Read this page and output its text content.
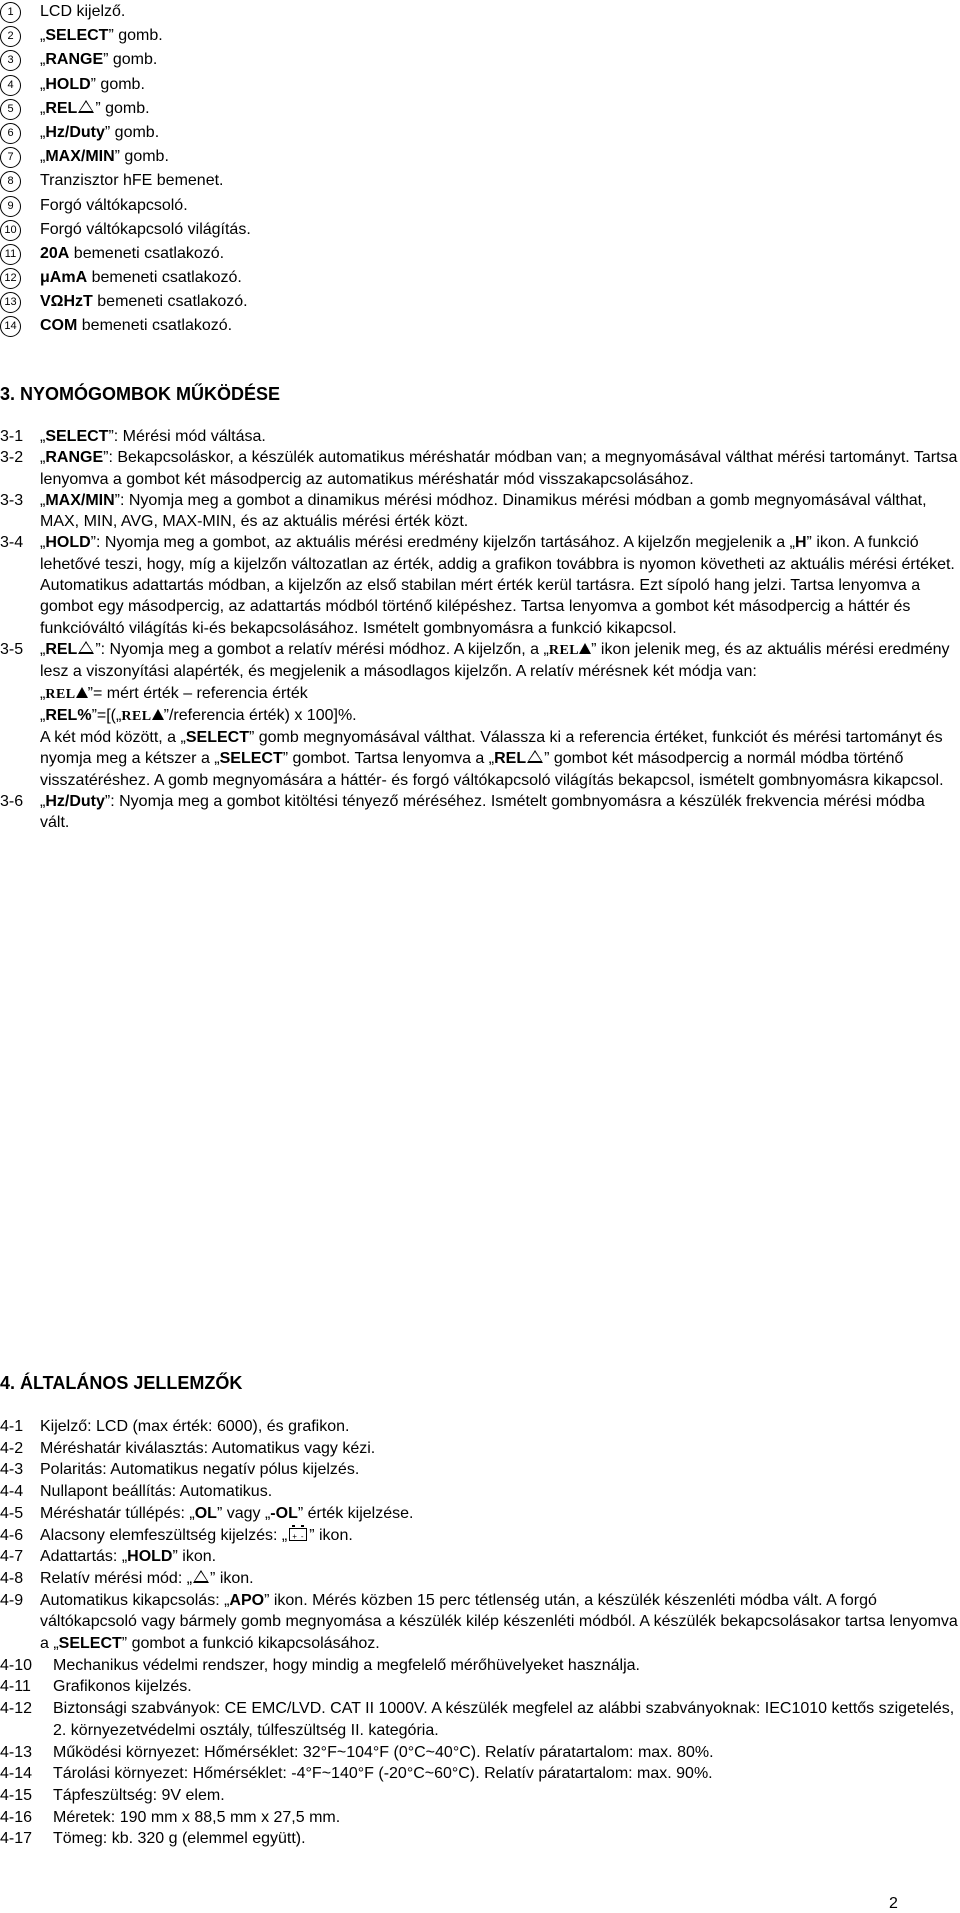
1	LCD kijelző.
2	„SELECT” gomb.
3	„RANGE” gomb.
4	„HOLD” gomb.
5	„REL ” gomb.
6	„Hz/Duty” gomb.
7	„MAX/MIN” gomb.
8	Tranzisztor hFE bemenet.
9	Forgó váltókapcsoló.
10 Forgó váltókapcsoló világítás.
11 20A bemeneti csatlakozó.
12 μAmA bemeneti csatlakozó.
13 VΩHzT bemeneti csatlakozó.
14 COM bemeneti csatlakozó.
3. NYOMÓGOMBOK MŰKÖDÉSE
3-1 „SELECT”: Mérési mód váltása.
3-2 „RANGE”: Bekapcsoláskor, a készülék automatikus méréshatár módban van; a megnyomásával válthat mérési tartományt. Tartsa lenyomva a gombot két másodpercig az automatikus méréshatár mód visszakapcsolásához.
3-3 „MAX/MIN”: Nyomja meg a gombot a dinamikus mérési módhoz. Dinamikus mérési módban a gomb megnyomásával válthat, MAX, MIN, AVG, MAX-MIN, és az aktuális mérési érték közt.
3-4 „HOLD”: Nyomja meg a gombot, az aktuális mérési eredmény kijelzőn tartásához. A kijelzőn megjelenik a „H” ikon. A funkció lehetővé teszi, hogy, míg a kijelzőn változatlan az érték, addig a grafikon továbbra is nyomon követheti az aktuális mérési értéket. Automatikus adattartás módban, a kijelzőn az első stabilan mért érték kerül tartásra. Ezt sípoló hang jelzi. Tartsa lenyomva a gombot egy másodpercig, az adattartás módból történő kilépéshez. Tartsa lenyomva a gombot két másodpercig a háttér és funkcióváltó világítás ki-és bekapcsolásához. Ismételt gombnyomásra a funkció kikapcsol.
3-5 „REL ”: Nyomja meg a gombot a relatív mérési módhoz. A kijelzőn, a „REL ” ikon jelenik meg, és az aktuális mérési eredmény lesz a viszonyítási alapérték, és megjelenik a másodlagos kijelzőn. A relatív mérésnek két módja van:
„REL ”= mért érték – referencia érték
„REL%”=[(„REL ”/referencia érték) x 100]%.
A két mód között, a „SELECT” gomb megnyomásával válthat. Válassza ki a referencia értéket, funkciót és mérési tartományt és nyomja meg a kétszer a „SELECT” gombot. Tartsa lenyomva a „REL ” gombot két másodpercig a normál módba történő visszatéréshez. A gomb megnyomására a háttér- és forgó váltókapcsoló világítás bekapcsol, ismételt gombnyomásra kikapcsol.
3-6 „Hz/Duty”: Nyomja meg a gombot kitöltési tényező méréséhez. Ismételt gombnyomásra a készülék frekvencia mérési módba vált.
4. ÁLTALÁNOS JELLEMZŐK
4-1 Kijelző: LCD (max érték: 6000), és grafikon.
4-2 Méréshatár kiválasztás: Automatikus vagy kézi.
4-3 Polaritás: Automatikus negatív pólus kijelzés.
4-4 Nullapont beállítás: Automatikus.
4-5 Méréshatár túllépés: „OL” vagy „-OL” érték kijelzése.
4-6 Alacsony elemfeszültség kijelzés: „ +- ” ikon.
4-7 Adattartás: „HOLD” ikon.
4-8 Relatív mérési mód: „ ” ikon.
4-9 Automatikus kikapcsolás: „APO” ikon. Mérés közben 15 perc tétlenség után, a készülék készenléti módba vált. A forgó váltókapcsoló vagy bármely gomb megnyomása a készülék kilép készenléti módból. A készülék bekapcsolásakor tartsa lenyomva a „SELECT” gombot a funkció kikapcsolásához.
4-10 Mechanikus védelmi rendszer, hogy mindig a megfelelő mérőhüvelyeket használja.
4-11 Grafikonos kijelzés.
4-12 Biztonsági szabványok: CE EMC/LVD. CAT II 1000V. A készülék megfelel az alábbi szabványoknak: IEC1010 kettős szigetelés, 2. környezetvédelmi osztály, túlfeszültség II. kategória.
4-13 Működési környezet: Hőmérséklet: 32°F~104°F (0°C~40°C). Relatív páratartalom: max. 80%.
4-14 Tárolási környezet: Hőmérséklet: -4°F~140°F (-20°C~60°C). Relatív páratartalom: max. 90%.
4-15 Tápfeszültség: 9V elem.
4-16 Méretek: 190 mm x 88,5 mm x 27,5 mm.
4-17 Tömeg: kb. 320 g (elemmel együtt).
2
